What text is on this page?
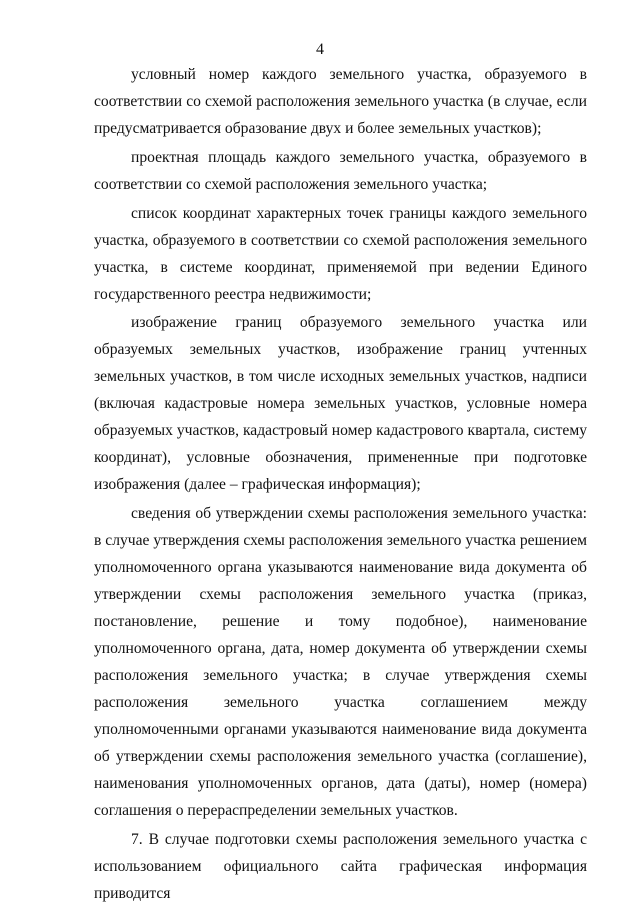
4

условный номер каждого земельного участка, образуемого в соответствии со схемой расположения земельного участка (в случае, если предусматривается образование двух и более земельных участков);

проектная площадь каждого земельного участка, образуемого в соответствии со схемой расположения земельного участка;

список координат характерных точек границы каждого земельного участка, образуемого в соответствии со схемой расположения земельного участка, в системе координат, применяемой при ведении Единого государственного реестра недвижимости;

изображение границ образуемого земельного участка или образуемых земельных участков, изображение границ учтенных земельных участков, в том числе исходных земельных участков, надписи (включая кадастровые номера земельных участков, условные номера образуемых участков, кадастровый номер кадастрового квартала, систему координат), условные обозначения, примененные при подготовке изображения (далее – графическая информация);

сведения об утверждении схемы расположения земельного участка: в случае утверждения схемы расположения земельного участка решением уполномоченного органа указываются наименование вида документа об утверждении схемы расположения земельного участка (приказ, постановление, решение и тому подобное), наименование уполномоченного органа, дата, номер документа об утверждении схемы расположения земельного участка; в случае утверждения схемы расположения земельного участка соглашением между уполномоченными органами указываются наименование вида документа об утверждении схемы расположения земельного участка (соглашение), наименования уполномоченных органов, дата (даты), номер (номера) соглашения о перераспределении земельных участков.

7. В случае подготовки схемы расположения земельного участка с использованием официального сайта графическая информация приводится
